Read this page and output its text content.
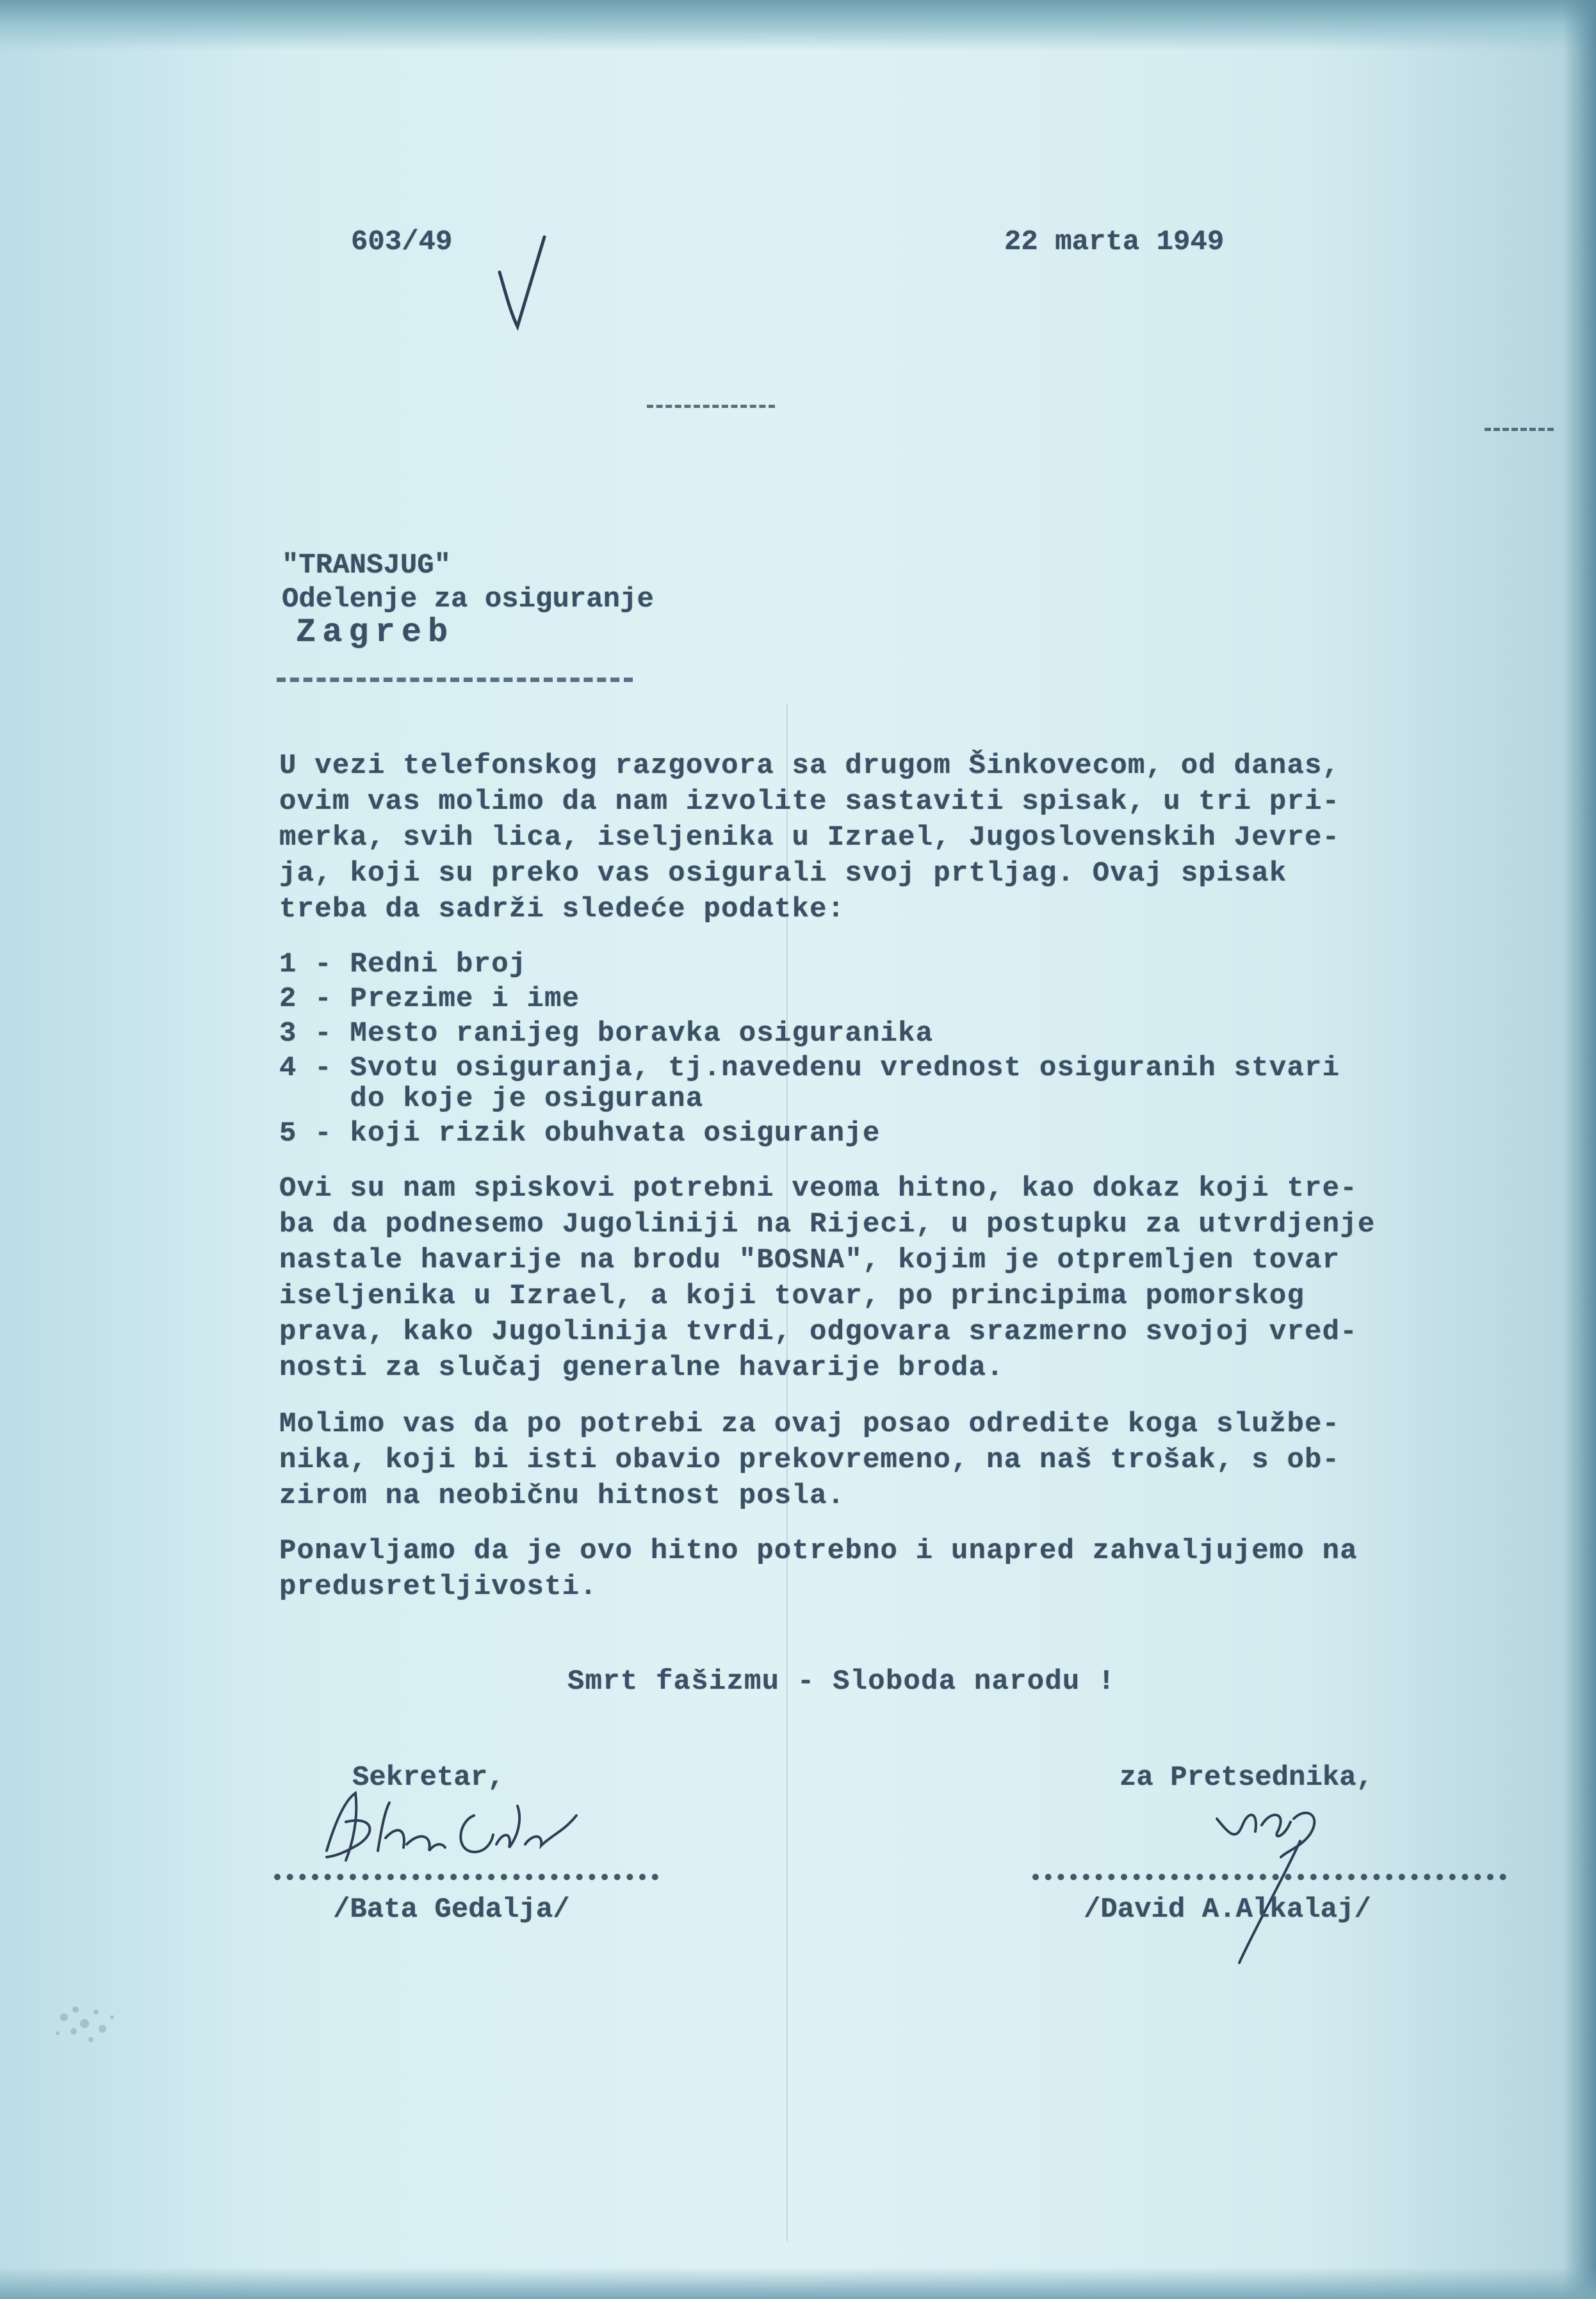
603/49	22 marta 1949
"TRANSJUG"
Odelenje za osiguranje
Zagreb
U vezi telefonskog razgovora sa drugom Šinkovecom, od danas,
ovim vas molimo da nam izvolite sastaviti spisak, u tri pri-
merka, svih lica, iseljenika u Izrael, Jugoslovenskih Jevre-
ja, koji su preko vas osigurali svoj prtljag. Ovaj spisak
treba da sadrži sledeće podatke:
1 - Redni broj
2 - Prezime i ime
3 - Mesto ranijeg boravka osiguranika
4 - Svotu osiguranja, tj.navedenu vrednost osiguranih stvari
do koje je osigurana
5 - koji rizik obuhvata osiguranje
Ovi su nam spiskovi potrebni veoma hitno, kao dokaz koji tre-
ba da podnesemo Jugoliniji na Rijeci, u postupku za utvrdjenje
nastale havarije na brodu "BOSNA", kojim je otpremljen tovar
iseljenika u Izrael, a koji tovar, po principima pomorskog
prava, kako Jugolinija tvrdi, odgovara srazmerno svojoj vred-
nosti za slučaj generalne havarije broda.
Molimo vas da po potrebi za ovaj posao odredite koga službe-
nika, koji bi isti obavio prekovremeno, na naš trošak, s ob-
zirom na neobičnu hitnost posla.
Ponavljamo da je ovo hitno potrebno i unapred zahvaljujemo na
predusretljivosti.
Smrt fašizmu - Sloboda narodu !
Sekretar,
/Bata Gedalja/
za Pretsednika,
/David A.Alkalaj/
